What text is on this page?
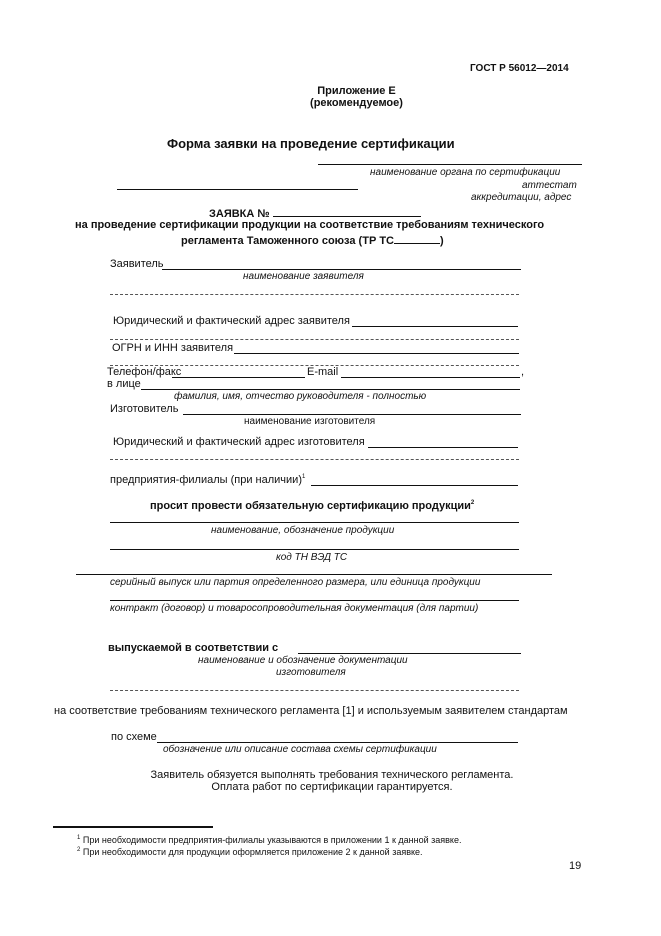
ГОСТ Р 56012—2014
Приложение Е
(рекомендуемое)
Форма заявки на проведение сертификации
наименование органа по сертификации
аттестат
аккредитации, адрес
ЗАЯВКА №
на проведение сертификации продукции на соответствие требованиям технического
регламента Таможенного союза (ТР ТС	)
Заявитель
наименование заявителя
Юридический и фактический адрес заявителя
ОГРН и ИНН заявителя
Телефон/факс	E-mail	,
в лице
фамилия, имя, отчество руководителя - полностью
Изготовитель
наименование изготовителя
Юридический и фактический адрес изготовителя
предприятия-филиалы (при наличии)$^1$
просит провести обязательную сертификацию продукции$^2$
наименование, обозначение продукции
код ТН ВЭД ТС
серийный выпуск или партия определенного размера, или единица продукции
контракт (договор) и товаросопроводительная документация (для партии)
выпускаемой в соответствии с
наименование и обозначение документации
изготовителя
на соответствие требованиям технического регламента [1] и используемым заявителем стандартам
по схеме
обозначение или описание состава схемы сертификации
Заявитель обязуется выполнять требования технического регламента.
Оплата работ по сертификации гарантируется.
$^1$ При необходимости предприятия-филиалы указываются в приложении 1 к данной заявке.
$^2$ При необходимости для продукции оформляется приложение 2 к данной заявке.
19
